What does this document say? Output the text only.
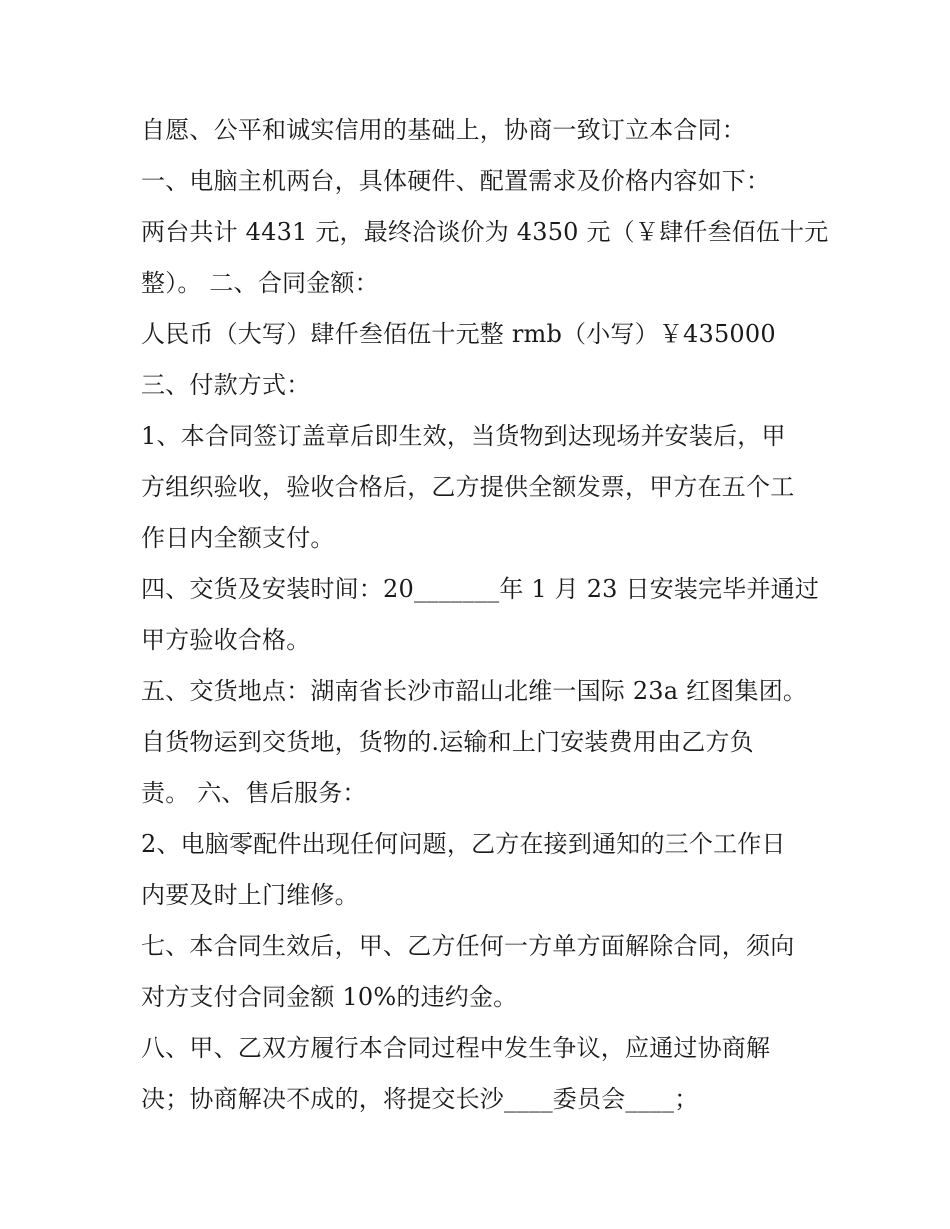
自愿、公平和诚实信用的基础上，协商一致订立本合同：
一、电脑主机两台，具体硬件、配置需求及价格内容如下：
两台共计 4431 元，最终洽谈价为 4350 元（￥肆仟叁佰伍十元
整）。 二、合同金额：
人民币（大写）肆仟叁佰伍十元整 rmb（小写）￥435000
三、付款方式：
1、本合同签订盖章后即生效，当货物到达现场并安装后，甲
方组织验收，验收合格后，乙方提供全额发票，甲方在五个工
作日内全额支付。
四、交货及安装时间：20_______年 1 月 23 日安装完毕并通过
甲方验收合格。
五、交货地点：湖南省长沙市韶山北维一国际 23a 红图集团。
自货物运到交货地，货物的.运输和上门安装费用由乙方负
责。 六、售后服务：
2、电脑零配件出现任何问题，乙方在接到通知的三个工作日
内要及时上门维修。
七、本合同生效后，甲、乙方任何一方单方面解除合同，须向
对方支付合同金额 10%的违约金。
八、甲、乙双方履行本合同过程中发生争议，应通过协商解
决；协商解决不成的，将提交长沙____委员会____；
